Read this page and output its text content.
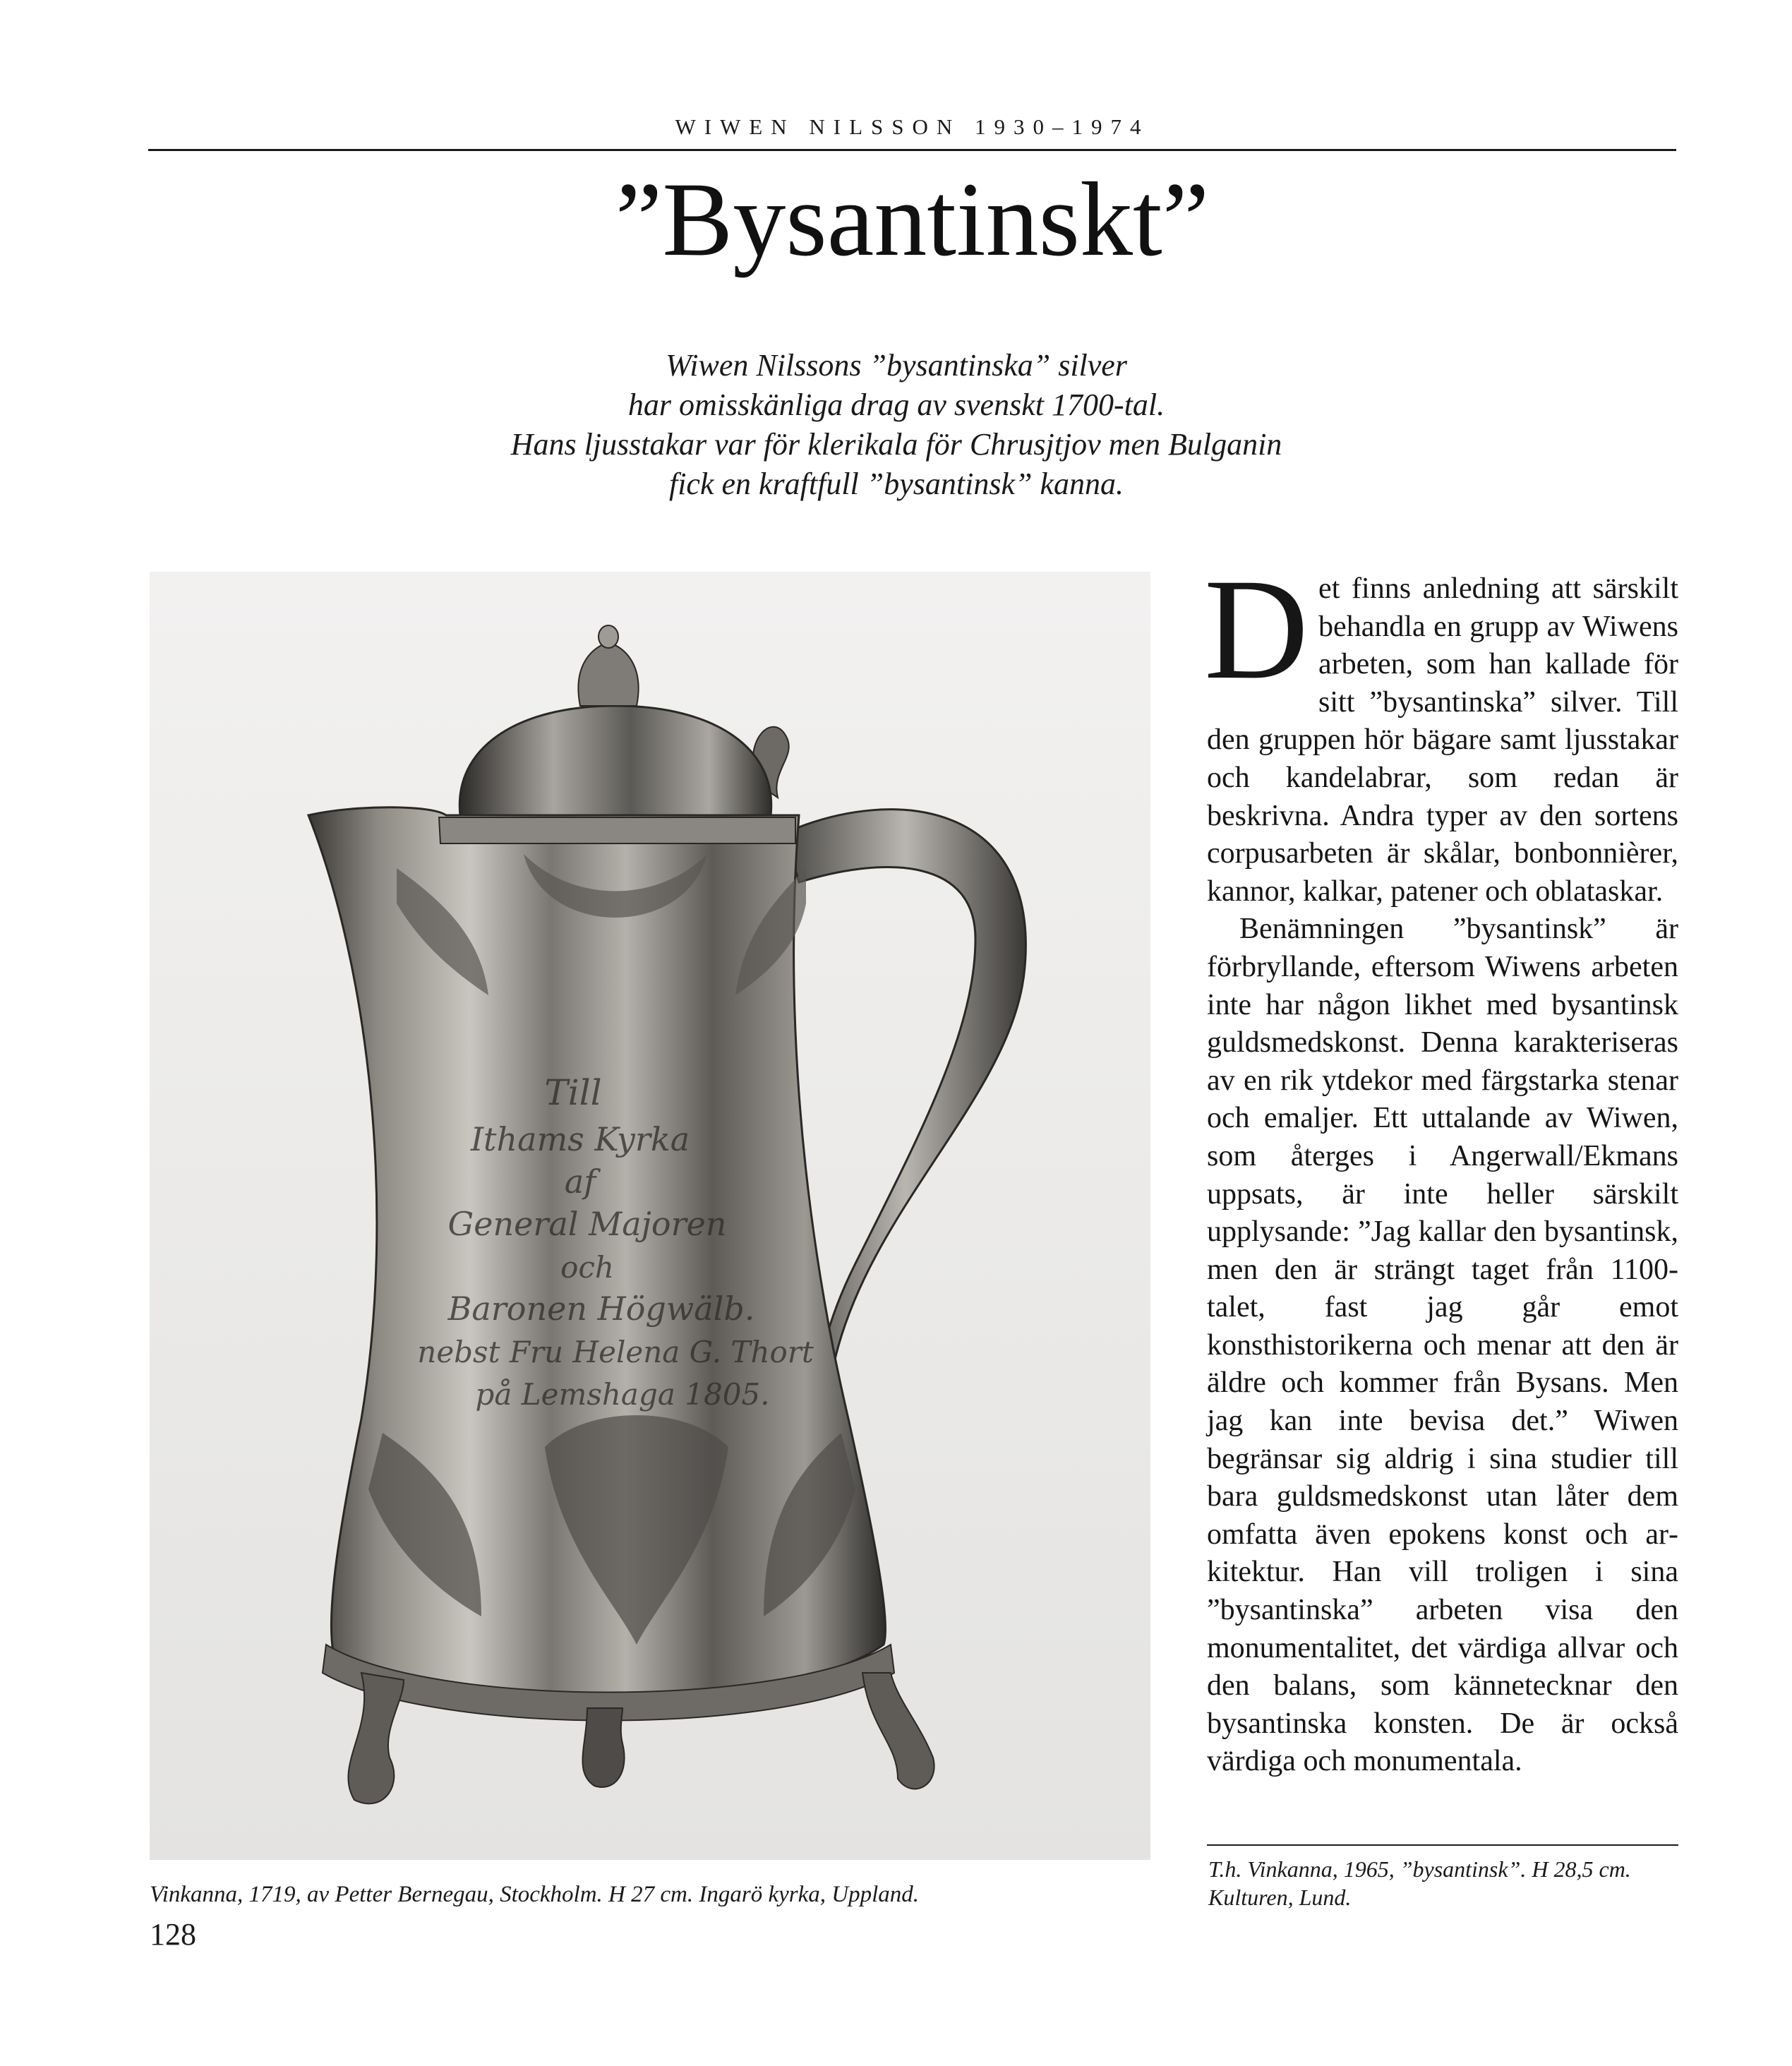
WIWEN NILSSON 1930–1974
”Bysantinskt”
Wiwen Nilssons ”bysantinska” silver
har omisskänliga drag av svenskt 1700-tal.
Hans ljusstakar var för klerikala för Chrusjtjov men Bulganin
fick en kraftfull ”bysantinsk” kanna.
Till
Ithams Kyrka
af
General Majoren
och
Baronen Högwälb.
nebst Fru Helena G. Thort
på Lemshaga 1805.
Vinkanna, 1719, av Petter Bernegau, Stockholm. H 27 cm. Ingarö kyrka, Uppland.
128

Det finns anledning att särskilt behandla en grupp av Wiwens arbeten, som han kallade för sitt ”bysantinska” silver. Till den gruppen hör bägare samt ljusstakar och kandelabrar, som redan är beskrivna. Andra typer av den sortens corpusarbeten är skålar, bonbonnièrer, kannor, kalkar, patener och oblataskar.

Benämningen ”bysantinsk” är förbryllande, eftersom Wiwens arbeten inte har någon likhet med bysantinsk guldsmedskonst. Denna karakteriseras av en rik ytdekor med färgstarka stenar och emaljer. Ett uttalande av Wiwen, som återges i Angerwall/Ekmans uppsats, är inte heller särskilt upplysande: ”Jag kallar den bysantinsk, men den är strängt taget från 1100-talet, fast jag går emot konsthistorikerna och menar att den är äldre och kommer från Bysans. Men jag kan inte bevisa det.” Wiwen begränsar sig aldrig i sina studier till bara guldsmedskonst utan låter dem omfatta även epokens konst och arkitektur. Han vill troligen i sina ”bysantinska” arbeten visa den monumentalitet, det värdiga allvar och den balans, som kännetecknar den bysantinska konsten. De är också värdiga och monumentala.

T.h. Vinkanna, 1965, ”bysantinsk”. H 28,5 cm.
Kulturen, Lund.
